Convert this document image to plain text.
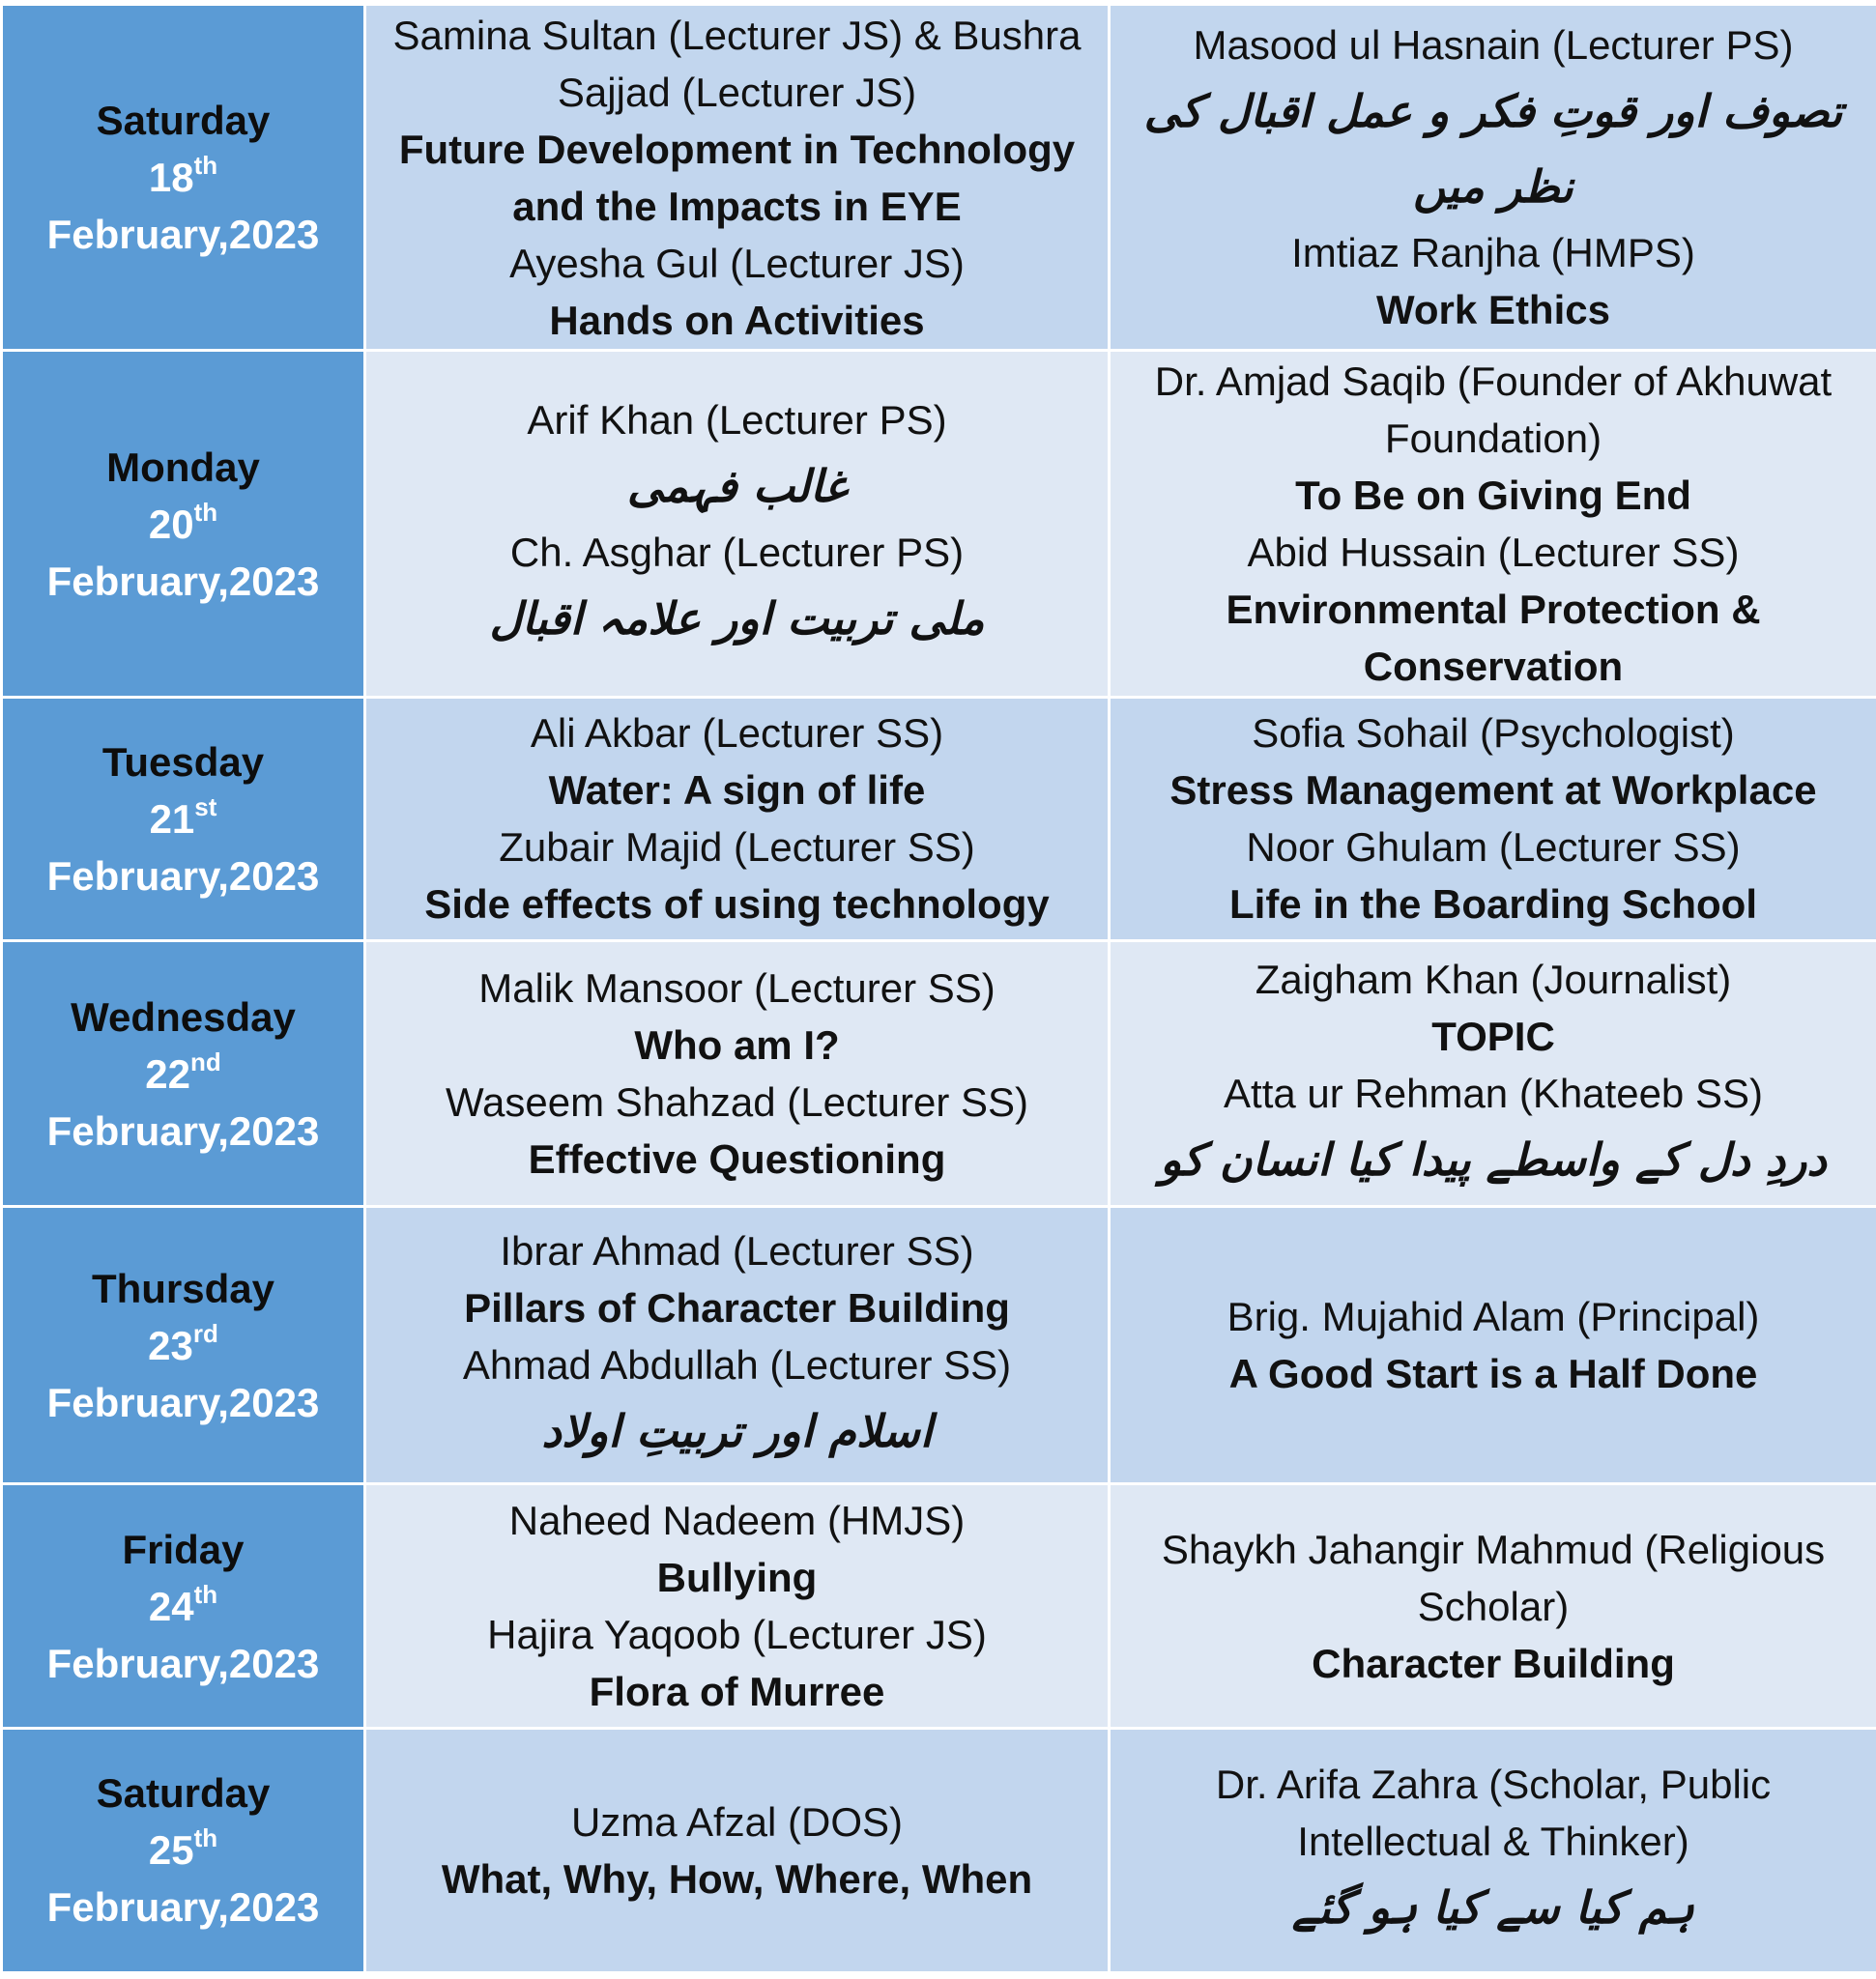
Saturday
18th
February,2023	Samina Sultan (Lecturer JS) & Bushra Sajjad (Lecturer JS)
Future Development in Technology and the Impacts in EYE
Ayesha Gul (Lecturer JS)
Hands on Activities	Masood ul Hasnain (Lecturer PS)
تصوف اور قوتِ فکر و عمل اقبال کی نظر میں
Imtiaz Ranjha (HMPS)
Work Ethics

Monday
20th
February,2023	Arif Khan (Lecturer PS)
غالب فہمی
Ch. Asghar (Lecturer PS)
ملی تربیت اور علامہ اقبال	Dr. Amjad Saqib (Founder of Akhuwat Foundation)
To Be on Giving End
Abid Hussain (Lecturer SS)
Environmental Protection & Conservation

Tuesday
21st
February,2023	Ali Akbar (Lecturer SS)
Water: A sign of life
Zubair Majid (Lecturer SS)
Side effects of using technology	Sofia Sohail (Psychologist)
Stress Management at Workplace
Noor Ghulam (Lecturer SS)
Life in the Boarding School

Wednesday
22nd
February,2023	Malik Mansoor (Lecturer SS)
Who am I?
Waseem Shahzad (Lecturer SS)
Effective Questioning	Zaigham Khan (Journalist)
TOPIC
Atta ur Rehman (Khateeb SS)
دردِ دل کے واسطے پیدا کیا انسان کو

Thursday
23rd
February,2023	Ibrar Ahmad (Lecturer SS)
Pillars of Character Building
Ahmad Abdullah (Lecturer SS)
اسلام اور تربیتِ اولاد	Brig. Mujahid Alam (Principal)
A Good Start is a Half Done

Friday
24th
February,2023	Naheed Nadeem (HMJS)
Bullying
Hajira Yaqoob (Lecturer JS)
Flora of Murree	Shaykh Jahangir Mahmud (Religious Scholar)
Character Building

Saturday
25th
February,2023	Uzma Afzal (DOS)
What, Why, How, Where, When	Dr. Arifa Zahra (Scholar, Public Intellectual & Thinker)
ہم کیا سے کیا ہو گئے
